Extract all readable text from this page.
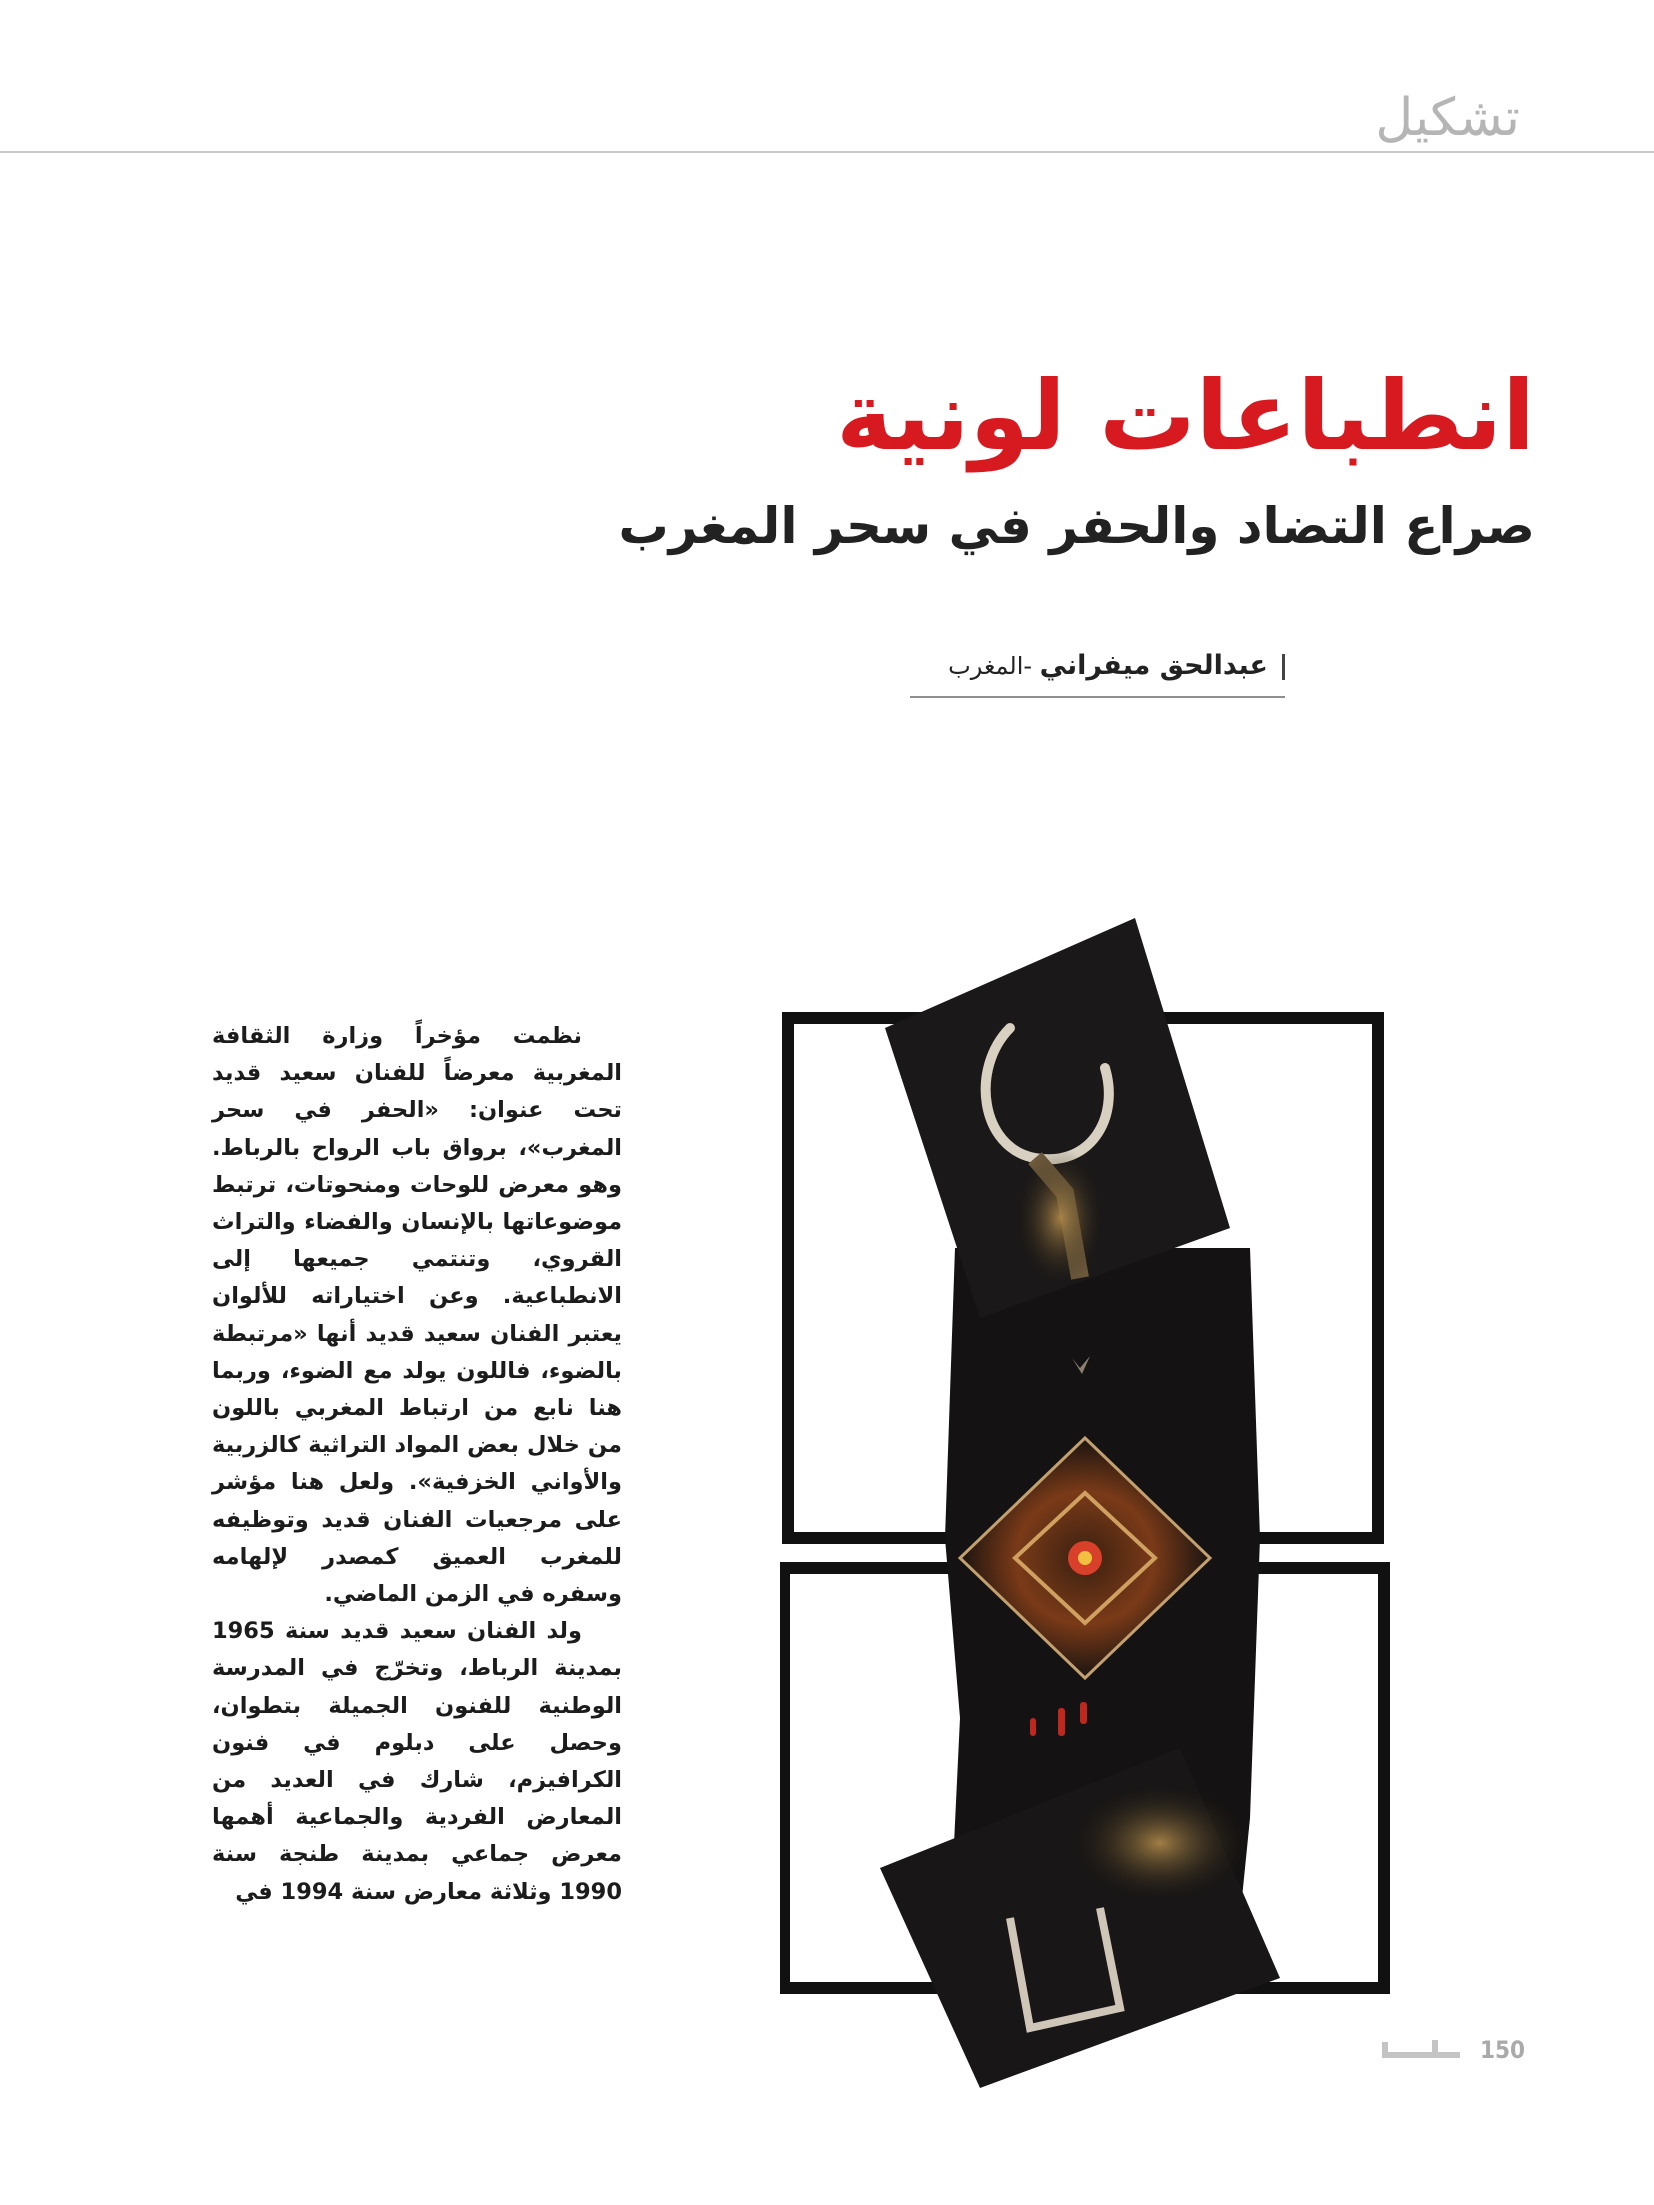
تشكيل
انطباعات لونية
صراع التضاد والحفر في سحر المغرب
عبدالحق ميفراني -المغرب

نظمت مؤخراً وزارة الثقافة المغربية معرضاً للفنان سعيد قديد تحت عنوان: «الحفر في سحر المغرب»، برواق باب الرواح بالرباط. وهو معرض للوحات ومنحوتات، ترتبط موضوعاتها بالإنسان والفضاء والتراث القروي، وتنتمي جميعها إلى الانطباعية. وعن اختياراته للألوان يعتبر الفنان سعيد قديد أنها «مرتبطة بالضوء، فاللون يولد مع الضوء، وربما هنا نابع من ارتباط المغربي باللون من خلال بعض المواد التراثية كالزربية والأواني الخزفية». ولعل هنا مؤشر على مرجعيات الفنان قديد وتوظيفه للمغرب العميق كمصدر لإلهامه وسفره في الزمن الماضي.

ولد الفنان سعيد قديد سنة 1965 بمدينة الرباط، وتخرّج في المدرسة الوطنية للفنون الجميلة بتطوان، وحصل على دبلوم في فنون الكرافيزم، شارك في العديد من المعارض الفردية والجماعية أهمها معرض جماعي بمدينة طنجة سنة 1990 وثلاثة معارض سنة 1994 في

150
